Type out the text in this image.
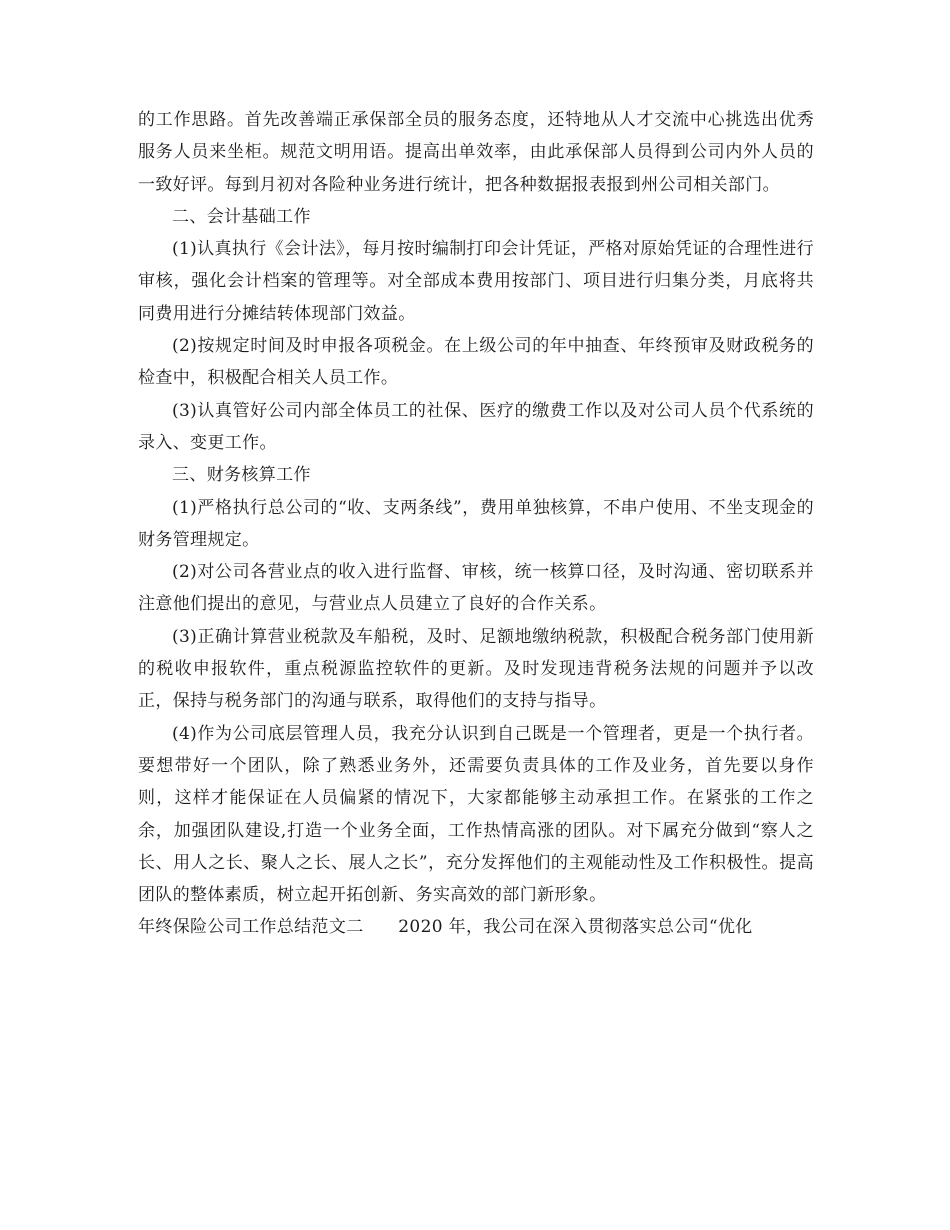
的工作思路。首先改善端正承保部全员的服务态度，还特地从人才交流中心挑选出优秀服务人员来坐柜。规范文明用语。提高出单效率，由此承保部人员得到公司内外人员的一致好评。每到月初对各险种业务进行统计，把各种数据报表报到州公司相关部门。

二、会计基础工作

(1)认真执行《会计法》，每月按时编制打印会计凭证，严格对原始凭证的合理性进行审核，强化会计档案的管理等。对全部成本费用按部门、项目进行归集分类，月底将共同费用进行分摊结转体现部门效益。

(2)按规定时间及时申报各项税金。在上级公司的年中抽查、年终预审及财政税务的检查中，积极配合相关人员工作。

(3)认真管好公司内部全体员工的社保、医疗的缴费工作以及对公司人员个代系统的录入、变更工作。

三、财务核算工作

(1)严格执行总公司的“收、支两条线”，费用单独核算，不串户使用、不坐支现金的财务管理规定。

(2)对公司各营业点的收入进行监督、审核，统一核算口径，及时沟通、密切联系并注意他们提出的意见，与营业点人员建立了良好的合作关系。

(3)正确计算营业税款及车船税，及时、足额地缴纳税款，积极配合税务部门使用新的税收申报软件，重点税源监控软件的更新。及时发现违背税务法规的问题并予以改正，保持与税务部门的沟通与联系，取得他们的支持与指导。

(4)作为公司底层管理人员，我充分认识到自己既是一个管理者，更是一个执行者。要想带好一个团队，除了熟悉业务外，还需要负责具体的工作及业务，首先要以身作则，这样才能保证在人员偏紧的情况下，大家都能够主动承担工作。在紧张的工作之余，加强团队建设,打造一个业务全面，工作热情高涨的团队。对下属充分做到“察人之长、用人之长、聚人之长、展人之长”，充分发挥他们的主观能动性及工作积极性。提高团队的整体素质，树立起开拓创新、务实高效的部门新形象。

年终保险公司工作总结范文二　　2020 年，我公司在深入贯彻落实总公司“优化
